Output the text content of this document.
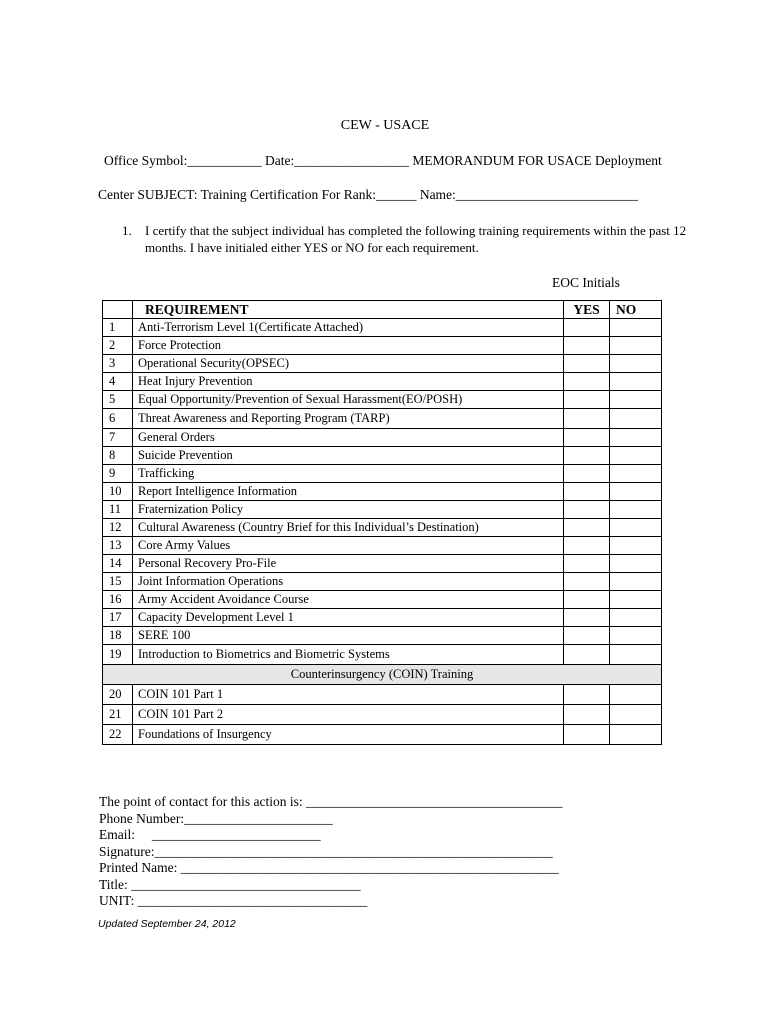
CEW - USACE
Office Symbol:___________ Date:_________________ MEMORANDUM FOR USACE Deployment
Center SUBJECT: Training Certification For Rank:______ Name:___________________________
1. I certify that the subject individual has completed the following training requirements within the past 12 months. I have initialed either YES or NO for each requirement.
EOC Initials
	REQUIREMENT	YES	NO
1	Anti-Terrorism Level 1(Certificate Attached)		
2	Force Protection		
3	Operational Security(OPSEC)		
4	Heat Injury Prevention		
5	Equal Opportunity/Prevention of Sexual Harassment(EO/POSH)		
6	Threat Awareness and Reporting Program (TARP)		
7	General Orders		
8	Suicide Prevention		
9	Trafficking		
10	Report Intelligence Information		
11	Fraternization Policy		
12	Cultural Awareness (Country Brief for this Individual’s Destination)		
13	Core Army Values		
14	Personal Recovery Pro-File		
15	Joint Information Operations		
16	Army Accident Avoidance Course		
17	Capacity Development Level 1		
18	SERE 100		
19	Introduction to Biometrics and Biometric Systems		
Counterinsurgency (COIN) Training			
20	COIN 101 Part 1		
21	COIN 101 Part 2		
22	Foundations of Insurgency		
The point of contact for this action is: ______________________________________
Phone Number:______________________
Email:     _________________________
Signature:___________________________________________________________
Printed Name: ________________________________________________________
Title: __________________________________
UNIT: __________________________________
Updated September 24, 2012
